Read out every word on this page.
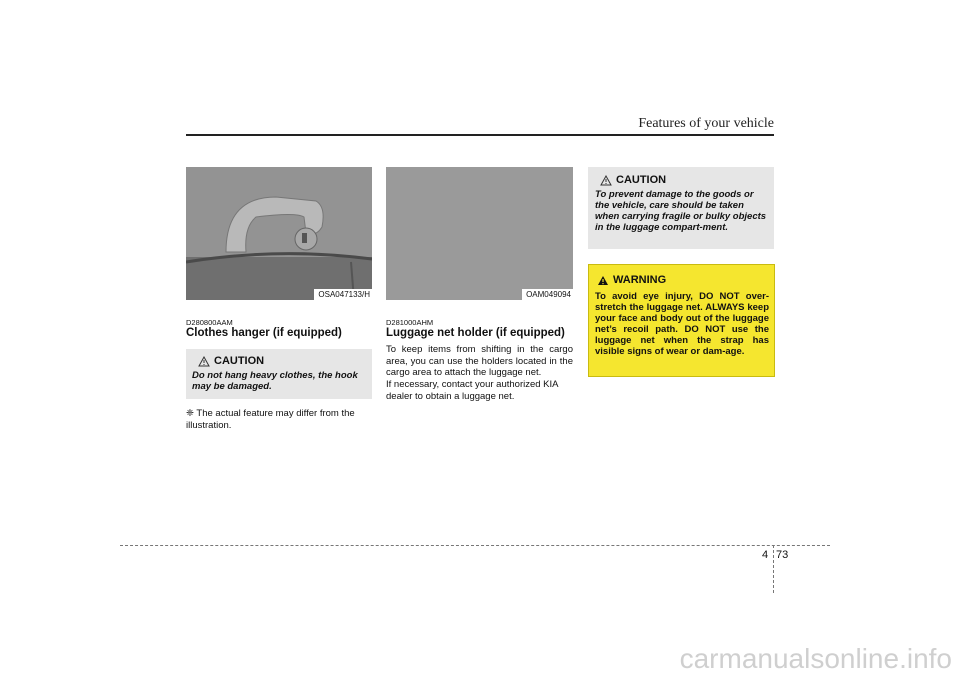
Features of your vehicle
OSA047133/H
D280800AAM
Clothes hanger (if equipped)
CAUTION
Do not hang heavy clothes, the hook may be damaged.
❈ The actual feature may differ from the illustration.
OAM049094
D281000AHM
Luggage net holder (if equipped)
To keep items from shifting in the cargo area, you can use the holders located in the cargo area to attach the luggage net.
If necessary, contact your authorized KIA dealer to obtain a luggage net.
CAUTION
To prevent damage to the goods or the vehicle, care should be taken when carrying fragile or bulky objects in the luggage compart-ment.
WARNING
To avoid eye injury, DO NOT over-stretch the luggage net. ALWAYS keep your face and body out of the luggage net’s recoil path. DO NOT use the luggage net when the strap has visible signs of wear or dam-age.
4 73
carmanualsonline.info
